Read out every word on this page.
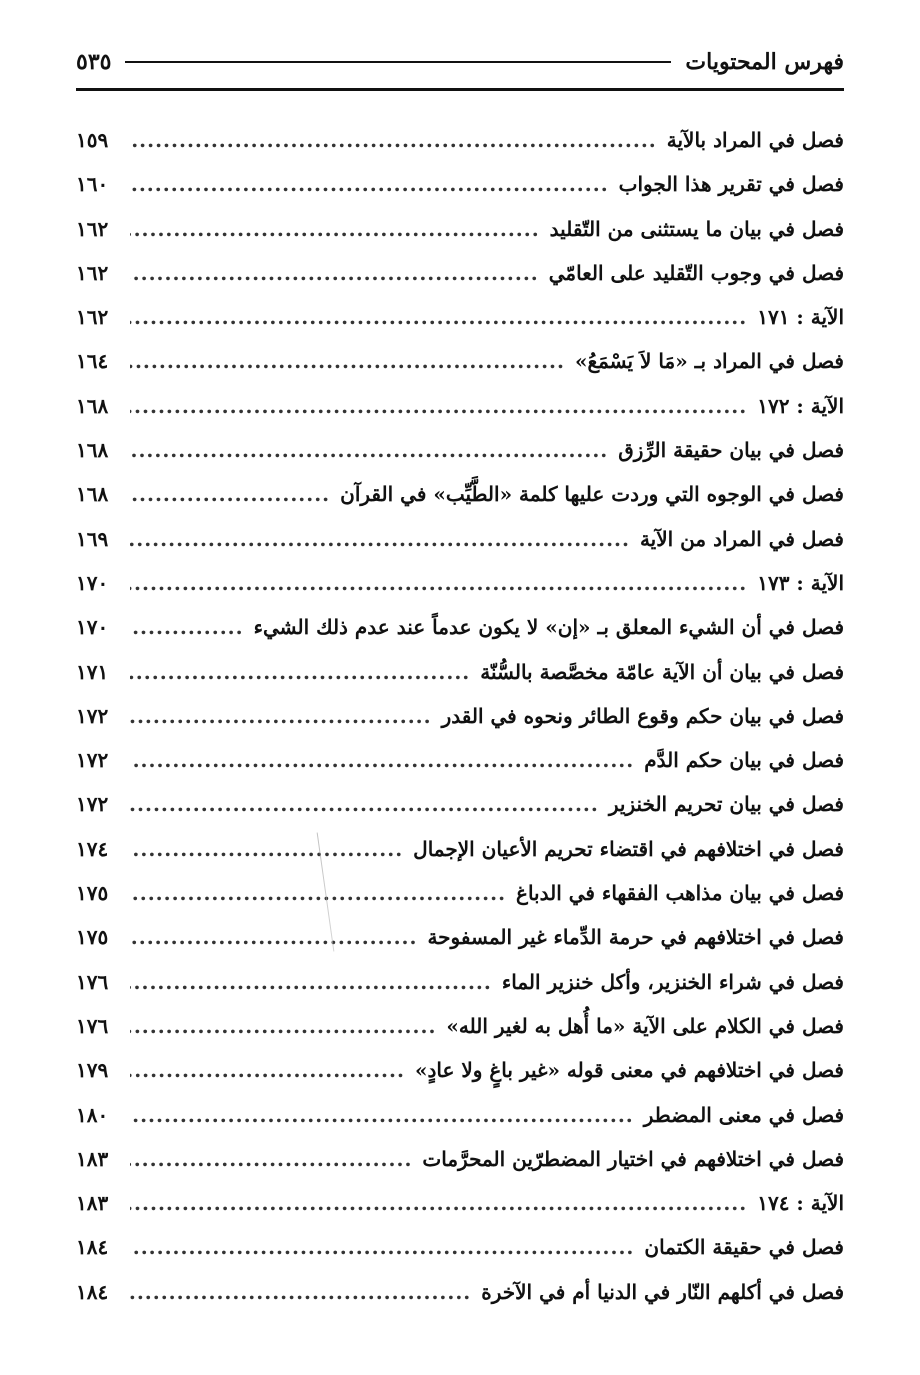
فهرس المحتويات
٥٣٥
فصل في المراد بالآية
.....
١٥٩
فصل في تقرير هذا الجواب
.....
١٦٠
فصل في بيان ما يستثنى من التّقليد
.....
١٦٢
فصل في وجوب التّقليد على العامّي
.....
١٦٢
الآية : ١٧١
.....
١٦٢
فصل في المراد بـ «مَا لاَ يَسْمَعُ»
.....
١٦٤
الآية : ١٧٢
.....
١٦٨
فصل في بيان حقيقة الرِّزق
.....
١٦٨
فصل في الوجوه التي وردت عليها كلمة «الطَّيِّب» في القرآن
.....
١٦٨
فصل في المراد من الآية
.....
١٦٩
الآية : ١٧٣
.....
١٧٠
فصل في أن الشيء المعلق بـ «إن» لا يكون عدماً عند عدم ذلك الشيء
.....
١٧٠
فصل في بيان أن الآية عامّة مخصَّصة بالسُّنّة
.....
١٧١
فصل في بيان حكم وقوع الطائر ونحوه في القدر
.....
١٧٢
فصل في بيان حكم الدَّم
.....
١٧٢
فصل في بيان تحريم الخنزير
.....
١٧٢
فصل في اختلافهم في اقتضاء تحريم الأعيان الإجمال
.....
١٧٤
فصل في بيان مذاهب الفقهاء في الدباغ
.....
١٧٥
فصل في اختلافهم في حرمة الدِّماء غير المسفوحة
.....
١٧٥
فصل في شراء الخنزير، وأكل خنزير الماء
.....
١٧٦
فصل في الكلام على الآية «ما أُهل به لغير الله»
.....
١٧٦
فصل في اختلافهم في معنى قوله «غير باغٍ ولا عادٍ»
.....
١٧٩
فصل في معنى المضطر
.....
١٨٠
فصل في اختلافهم في اختيار المضطرّين المحرَّمات
.....
١٨٣
الآية : ١٧٤
.....
١٨٣
فصل في حقيقة الكتمان
.....
١٨٤
فصل في أكلهم النّار في الدنيا أم في الآخرة
.....
١٨٤
